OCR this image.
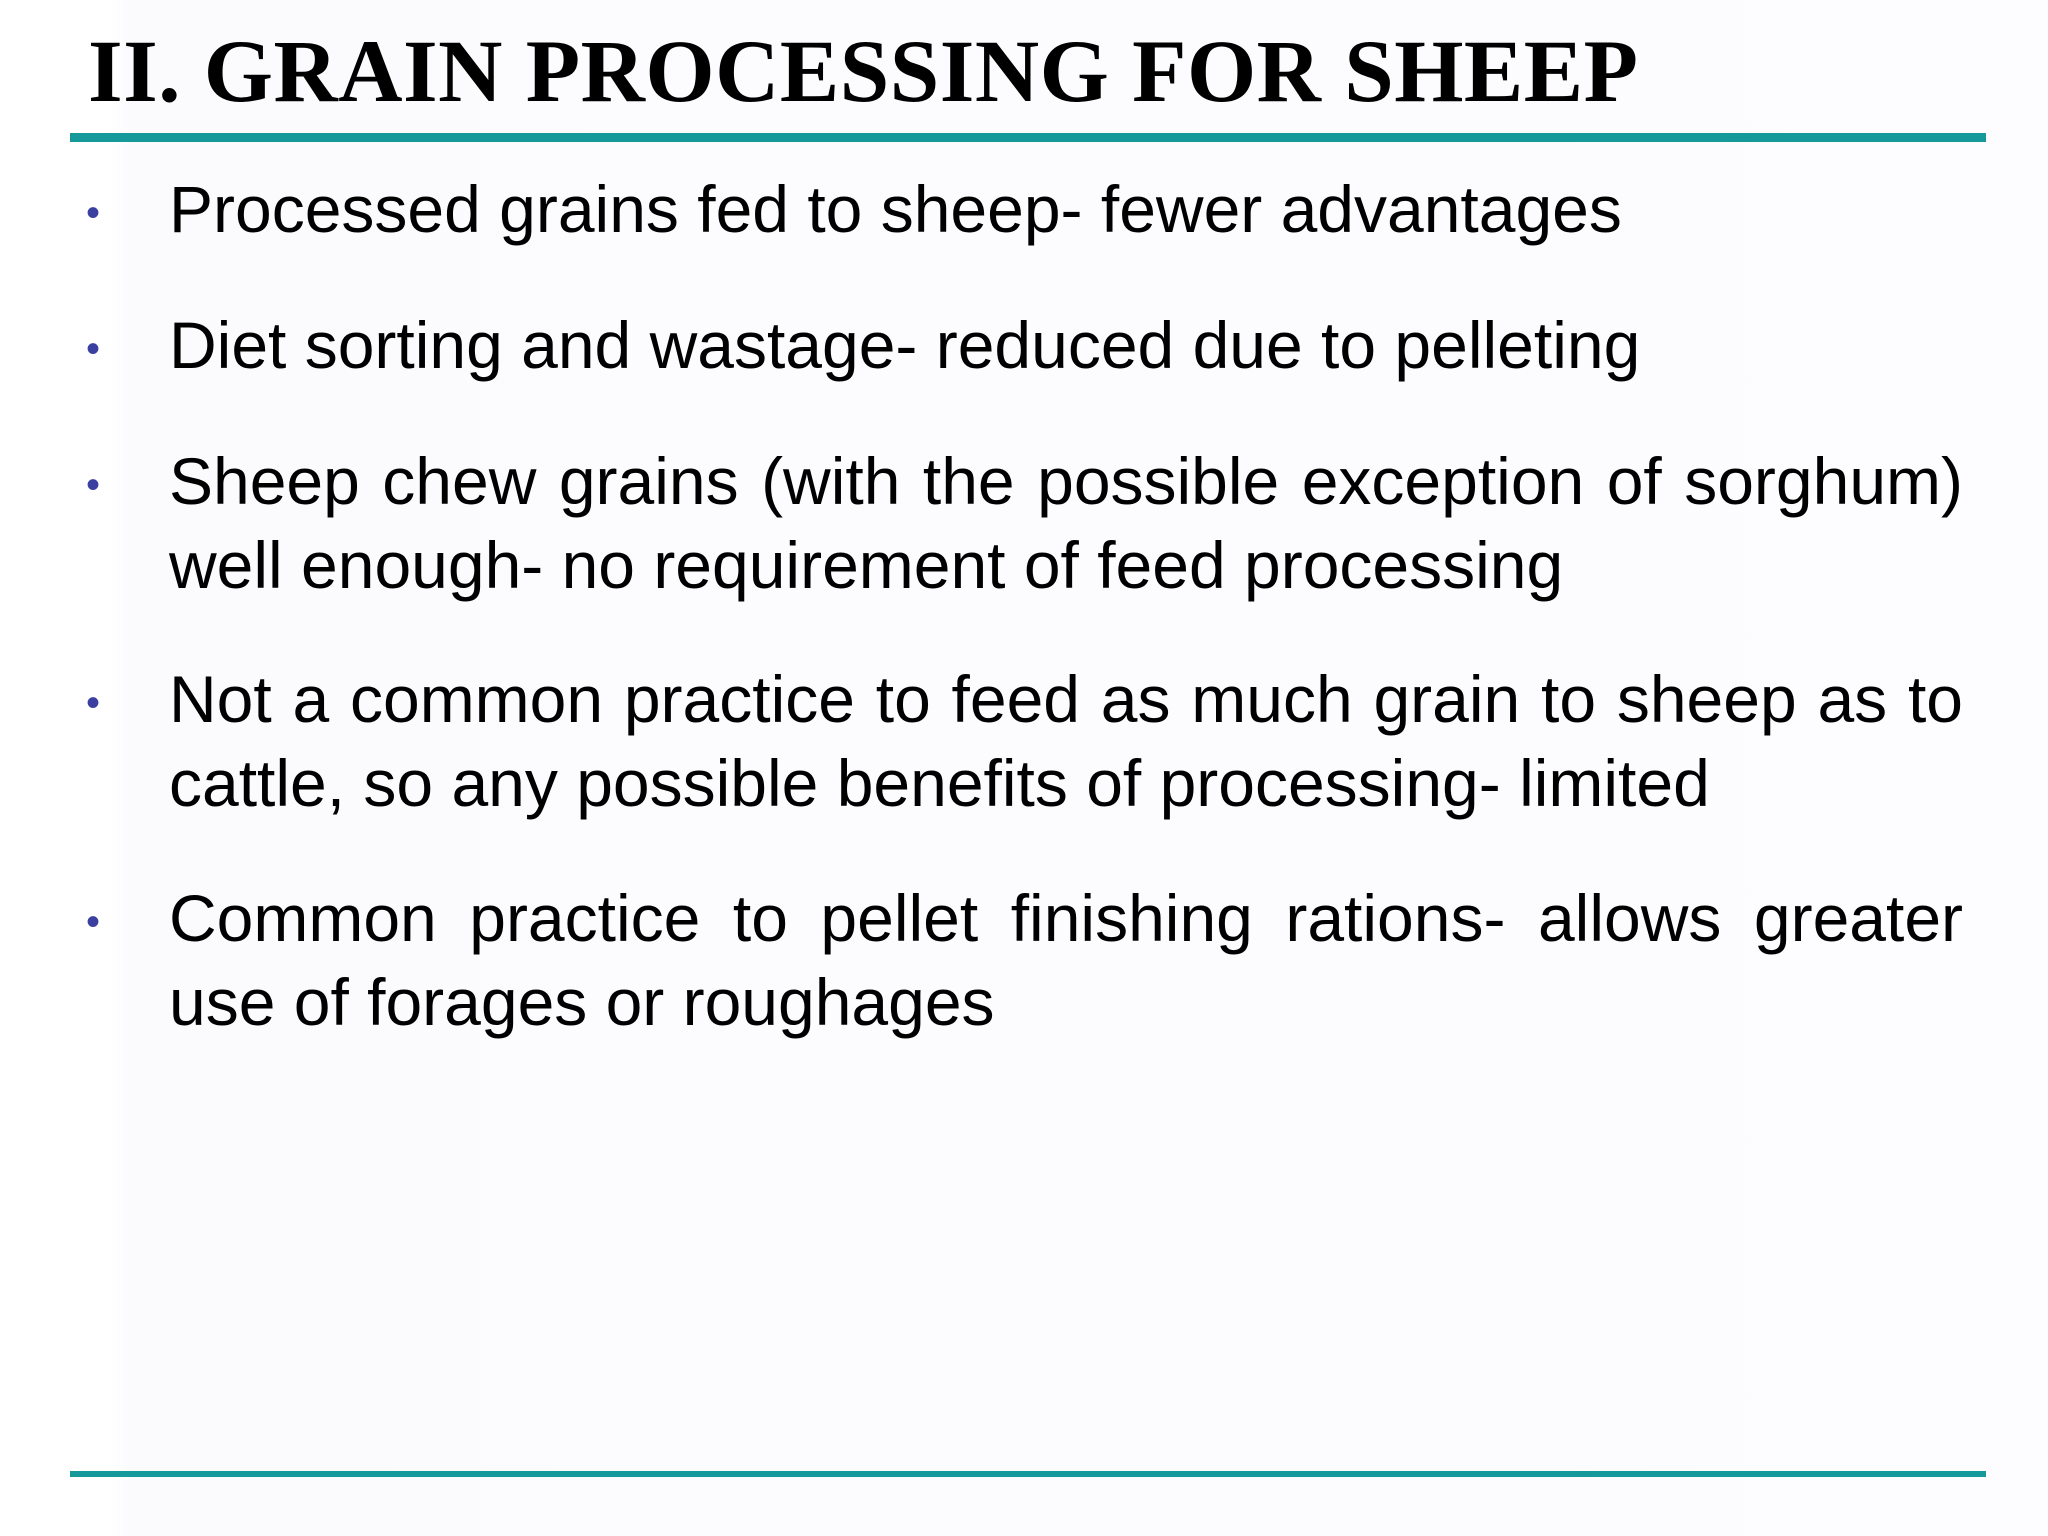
II. GRAIN PROCESSING FOR SHEEP
• Processed grains fed to sheep- fewer advantages

• Diet sorting and wastage- reduced due to pelleting

• Sheep chew grains (with the possible exception of sorghum) well enough- no requirement of feed processing

• Not a common practice to feed as much grain to sheep as to cattle, so any possible benefits of processing- limited

• Common practice to pellet finishing rations- allows greater use of forages or roughages
